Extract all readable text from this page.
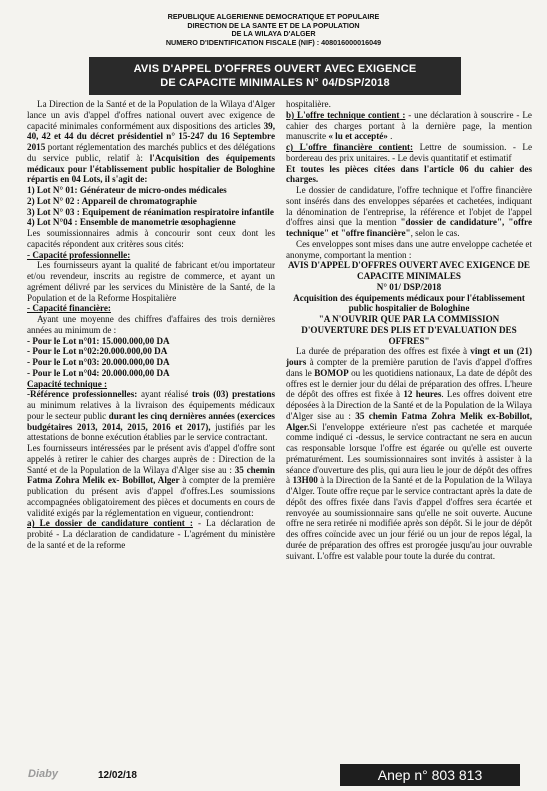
REPUBLIQUE ALGERIENNE DEMOCRATIQUE ET POPULAIRE
DIRECTION DE LA SANTE ET DE LA POPULATION
DE LA WILAYA D'ALGER
NUMERO D'IDENTIFICATION FISCALE (NIF) : 408016000016049
AVIS D'APPEL D'OFFRES OUVERT AVEC EXIGENCE
DE CAPACITE MINIMALES N° 04/DSP/2018

La Direction de la Santé et de la Population de la Wilaya d'Alger lance un avis d'appel d'offres national ouvert avec exigence de capacité minimales conformément aux dispositions des articles 39, 40, 42 et 44 du décret présidentiel n° 15-247 du 16 Septembre 2015 portant réglementation des marchés publics et des délégations du service public, relatif à: l'Acquisition des équipements médicaux pour l'établissement public hospitalier de Bologhine répartis en 04 Lots, il s'agit de:

1) Lot N° 01: Générateur de micro-ondes médicales

2) Lot N° 02 : Appareil de chromatographie

3) Lot N° 03 : Equipement de réanimation respiratoire infantile

4) Lot N°04 : Ensemble de manometrie œsophagienne

Les soumissionnaires admis à concourir sont ceux dont les capacités répondent aux critères sous cités:

- Capacité professionnelle:

Les fournisseurs ayant la qualité de fabricant et/ou importateur et/ou revendeur, inscrits au registre de commerce, et ayant un agrément délivré par les services du Ministère de la Santé, de la Population et de la Reforme Hospitalière

- Capacité financière:

Ayant une moyenne des chiffres d'affaires des trois dernières années au minimum de :

- Pour le Lot n°01: 15.000.000,00 DA

- Pour le Lot n°02:20.000.000,00 DA

- Pour le Lot n°03: 20.000.000,00 DA

- Pour le Lot n°04: 20.000.000,00 DA

Capacité technique :

-Référence professionnelles: ayant réalisé trois (03) prestations au minimum relatives à la livraison des équipements médicaux pour le secteur public durant les cinq dernières années (exercices budgétaires 2013, 2014, 2015, 2016 et 2017), justifiés par les attestations de bonne exécution établies par le service contractant.

Les fournisseurs intéressées par le présent avis d'appel d'offre sont appelés à retirer le cahier des charges auprès de : Direction de la Santé et de la Population de la Wilaya d'Alger sise au : 35 chemin Fatma Zohra Melik ex- Bobillot, Alger à compter de la première publication du présent avis d'appel d'offres.Les soumissions accompagnées obligatoirement des pièces et documents en cours de validité exigés par la réglementation en vigueur, contiendront:

a) Le dossier de candidature contient : - La déclaration de probité - La déclaration de candidature - L'agrément du ministère de la santé et de la reforme

hospitalière.

b) L'offre technique contient : - une déclaration à souscrire - Le cahier des charges portant à la dernière page, la mention manuscrite « lu et accepté» .

c) L'offre financière contient: Lettre de soumission. - Le bordereau des prix unitaires. - Le devis quantitatif et estimatif

Et toutes les pièces citées dans l'article 06 du cahier des charges.

Le dossier de candidature, l'offre technique et l'offre financière sont insérés dans des enveloppes séparées et cachetées, indiquant la dénomination de l'entreprise, la référence et l'objet de l'appel d'offres ainsi que la mention "dossier de candidature", "offre technique" et "offre financière", selon le cas.

Ces enveloppes sont mises dans une autre enveloppe cachetée et anonyme, comportant la mention :

AVIS D'APPEL D'OFFRES OUVERT AVEC EXIGENCE DE CAPACITE MINIMALES

N° 01/ DSP/2018

Acquisition des équipements médicaux pour l'établissement public hospitalier de Bologhine

"A N'OUVRIR QUE PAR LA COMMISSION D'OUVERTURE DES PLIS ET D'EVALUATION DES OFFRES"

La durée de préparation des offres est fixée à vingt et un (21) jours à compter de la première parution de l'avis d'appel d'offres dans le BOMOP ou les quotidiens nationaux, La date de dépôt des offres est le dernier jour du délai de préparation des offres. L'heure de dépôt des offres est fixée à 12 heures. Les offres doivent etre déposées à la Direction de la Santé et de la Population de la Wilaya d'Alger sise au : 35 chemin Fatma Zohra Melik ex-Bobillot, Alger.Si l'enveloppe extérieure n'est pas cachetée et marquée comme indiqué ci -dessus, le service contractant ne sera en aucun cas responsable lorsque l'offre est égarée ou qu'elle est ouverte prématurément. Les soumissionnaires sont invités à assister à la séance d'ouverture des plis, qui aura lieu le jour de dépôt des offres à 13H00 à la Direction de la Santé et de la Population de la Wilaya d'Alger. Toute offre reçue par le service contractant après la date de dépôt des offres fixée dans l'avis d'appel d'offres sera écartée et renvoyée au soumissionnaire sans qu'elle ne soit ouverte. Aucune offre ne sera retirée ni modifiée après son dépôt. Si le jour de dépôt des offres coïncide avec un jour férié ou un jour de repos légal, la durée de préparation des offres est prorogée jusqu'au jour ouvrable suivant. L'offre est valable pour toute la durée du contrat.

Diaby	12/02/18	Anep n° 803 813
